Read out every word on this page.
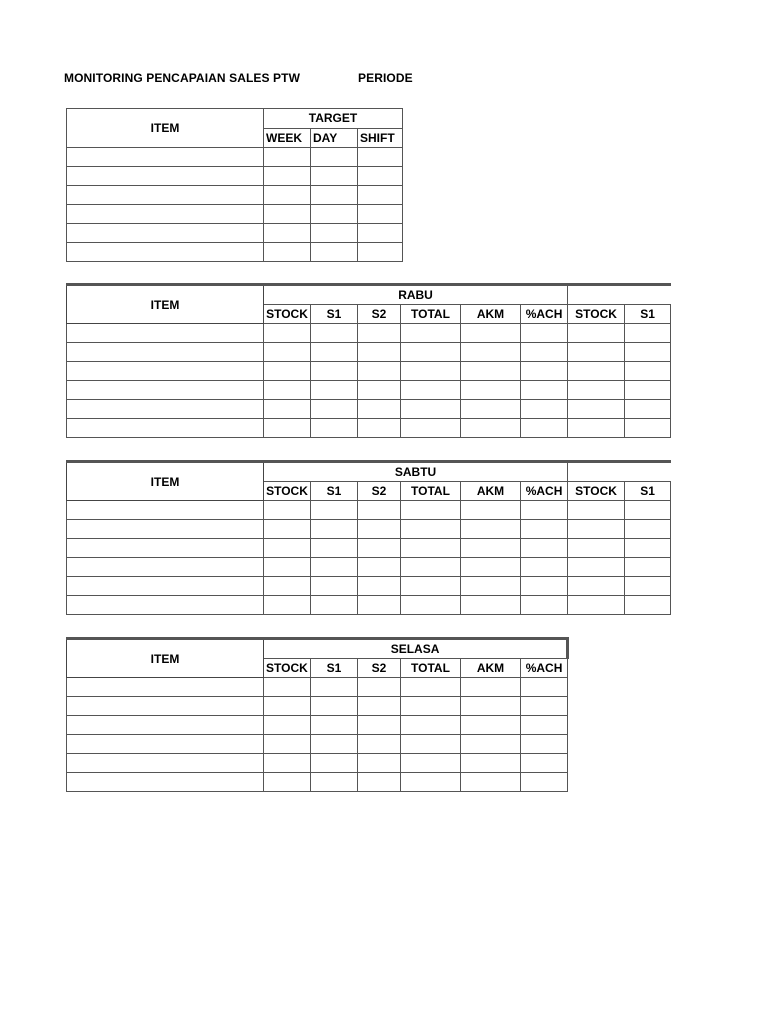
MONITORING PENCAPAIAN SALES PTW	PERIODE
ITEM	TARGET		
	WEEK	DAY	SHIFT

ITEM	RABU							
	STOCK	S1	S2	TOTAL	AKM	%ACH	STOCK	S1

ITEM	SABTU							
	STOCK	S1	S2	TOTAL	AKM	%ACH	STOCK	S1

ITEM	SELASA					
	STOCK	S1	S2	TOTAL	AKM	%ACH
